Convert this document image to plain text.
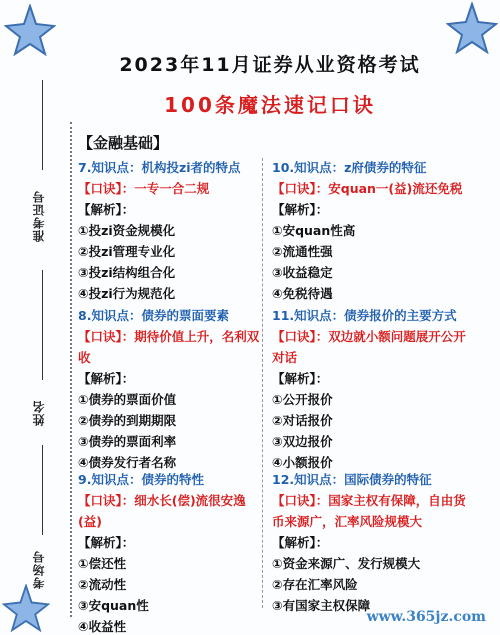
准考证号
姓名
考场号
2023年11月证券从业资格考试
100条魔法速记口诀
【金融基础】
7.知识点：机构投zi者的特点
【口诀】：一专一合二规
【解析】：
①投zi资金规模化
②投zi管理专业化
③投zi结构组合化
④投zi行为规范化
10.知识点：z府债券的特征
【口诀】：安quan一(益)流还免税
【解析】：
①安quan性高
②流通性强
③收益稳定
④免税待遇
8.知识点：债券的票面要素
【口诀】：期待价值上升，名利双收
【解析】：
①债券的票面价值
②债券的到期期限
③债券的票面利率
④债券发行者名称
11.知识点：债券报价的主要方式
【口诀】：双边就小额问题展开公开对话
【解析】：
①公开报价
②对话报价
③双边报价
④小额报价
9.知识点：债券的特性
【口诀】：细水长(偿)流很安逸(益)
【解析】：
①偿还性
②流动性
③安quan性
④收益性
12.知识点：国际债券的特征
【口诀】：国家主权有保障，自由货币来源广，汇率风险规模大
【解析】：
①资金来源广、发行规模大
②存在汇率风险
③有国家主权保障
www.365jz.com
